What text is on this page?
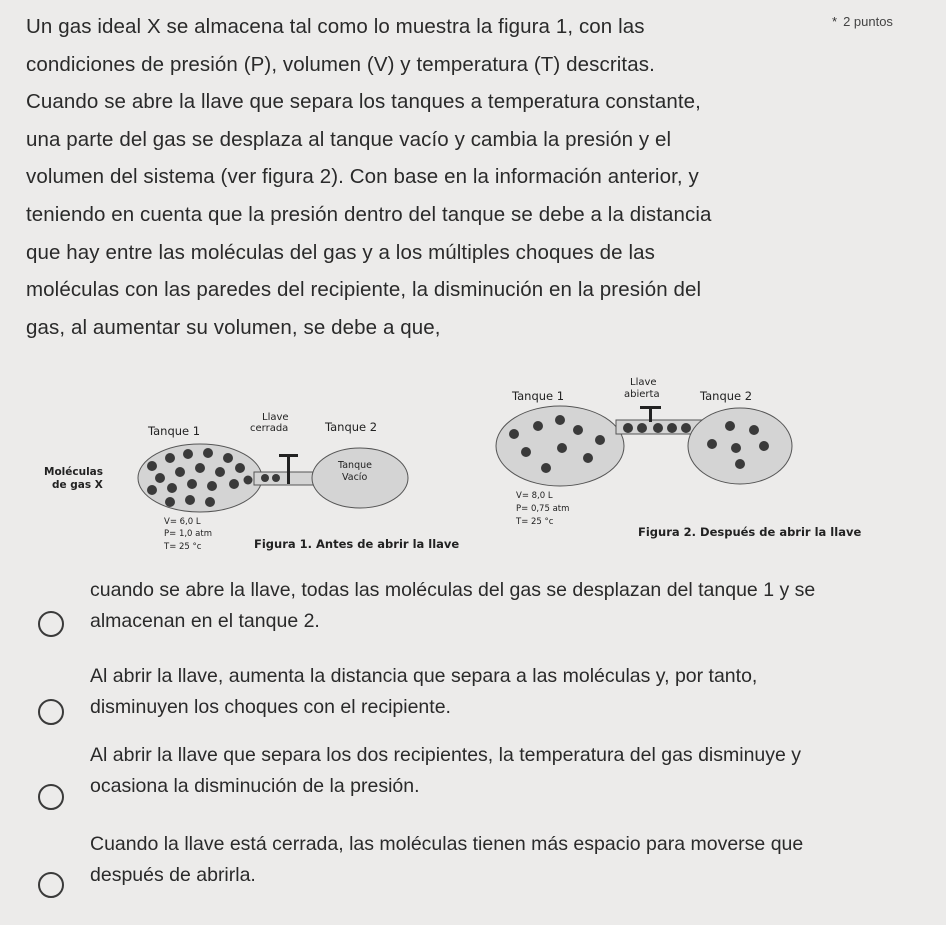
Un gas ideal X se almacena tal como lo muestra la figura 1, con las
condiciones de presión (P), volumen (V) y temperatura (T) descritas.
Cuando se abre la llave que separa los tanques a temperatura constante,
una parte del gas se desplaza al tanque vacío y cambia la presión y el
volumen del sistema (ver figura 2). Con base en la información anterior, y
teniendo en cuenta que la presión dentro del tanque se debe a la distancia
que hay entre las moléculas del gas y a los múltiples choques de las
moléculas con las paredes del recipiente, la disminución en la presión del
gas, al aumentar su volumen, se debe a que,
* 2 puntos
Tanque 1
Llave
cerrada	Tanque 2
Tanque
Vacío
Moléculas
de gas X
V= 6,0 L
P= 1,0 atm
T= 25 °c	Figura 1. Antes de abrir la llave
Tanque 1
Llave
abierta	Tanque 2
V= 8,0 L
P= 0,75 atm
T= 25 °c
Figura 2. Después de abrir la llave
cuando se abre la llave, todas las moléculas del gas se desplazan del tanque 1 y se
almacenan en el tanque 2.
Al abrir la llave, aumenta la distancia que separa a las moléculas y, por tanto,
disminuyen los choques con el recipiente.
Al abrir la llave que separa los dos recipientes, la temperatura del gas disminuye y
ocasiona la disminución de la presión.
Cuando la llave está cerrada, las moléculas tienen más espacio para moverse que
después de abrirla.
